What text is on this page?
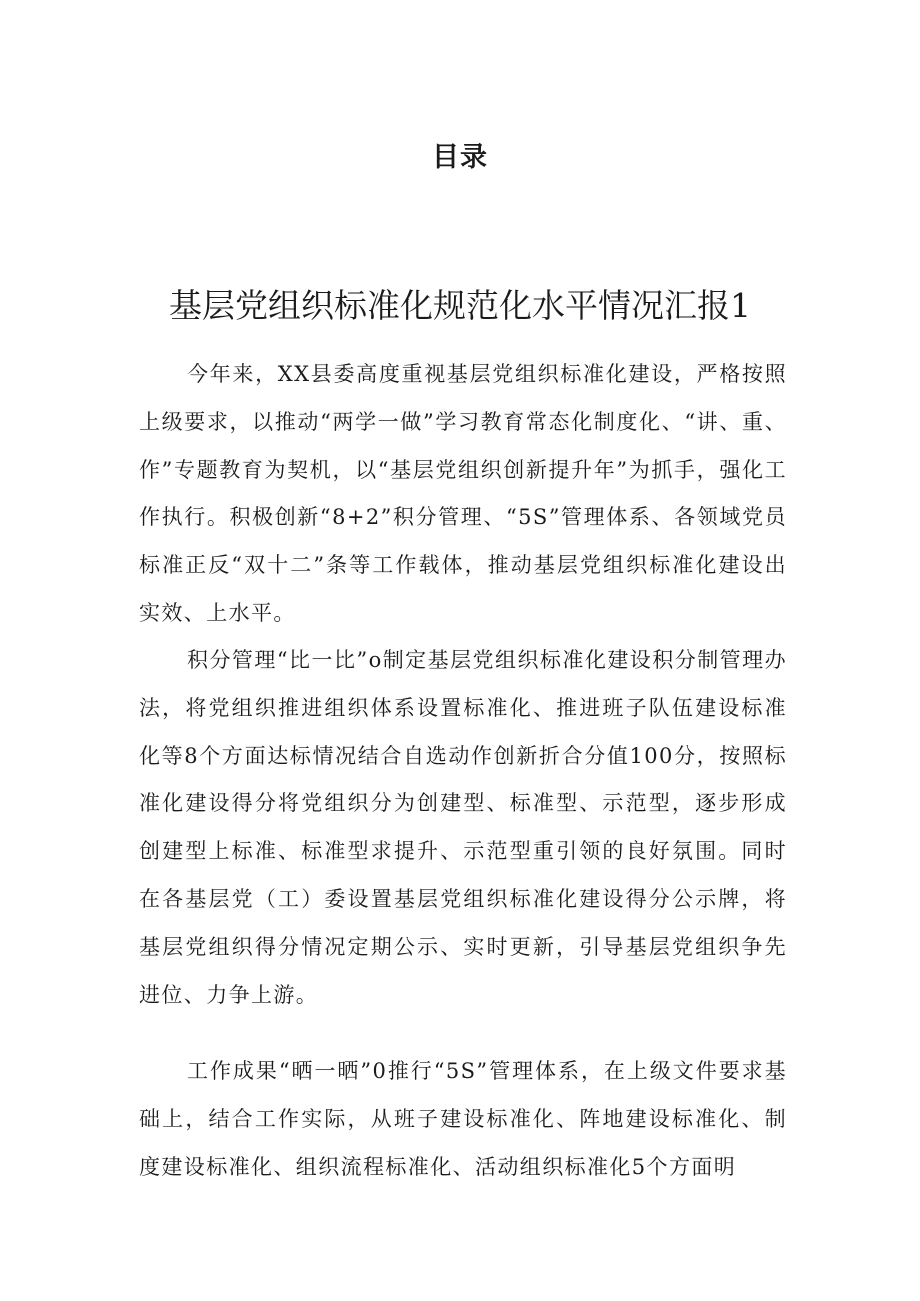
目录
基层党组织标准化规范化水平情况汇报1

今年来，XX县委高度重视基层党组织标准化建设，严格按照上级要求，以推动“两学一做”学习教育常态化制度化、“讲、重、作”专题教育为契机，以“基层党组织创新提升年”为抓手，强化工作执行。积极创新“8+2”积分管理、“5S”管理体系、各领域党员标准正反“双十二”条等工作载体，推动基层党组织标准化建设出实效、上水平。

积分管理“比一比”o制定基层党组织标准化建设积分制管理办法，将党组织推进组织体系设置标准化、推进班子队伍建设标准化等8个方面达标情况结合自选动作创新折合分值100分，按照标准化建设得分将党组织分为创建型、标准型、示范型，逐步形成创建型上标准、标准型求提升、示范型重引领的良好氛围。同时在各基层党（工）委设置基层党组织标准化建设得分公示牌，将基层党组织得分情况定期公示、实时更新，引导基层党组织争先进位、力争上游。

工作成果“晒一晒”0推行“5S”管理体系，在上级文件要求基础上，结合工作实际，从班子建设标准化、阵地建设标准化、制度建设标准化、组织流程标准化、活动组织标准化5个方面明
